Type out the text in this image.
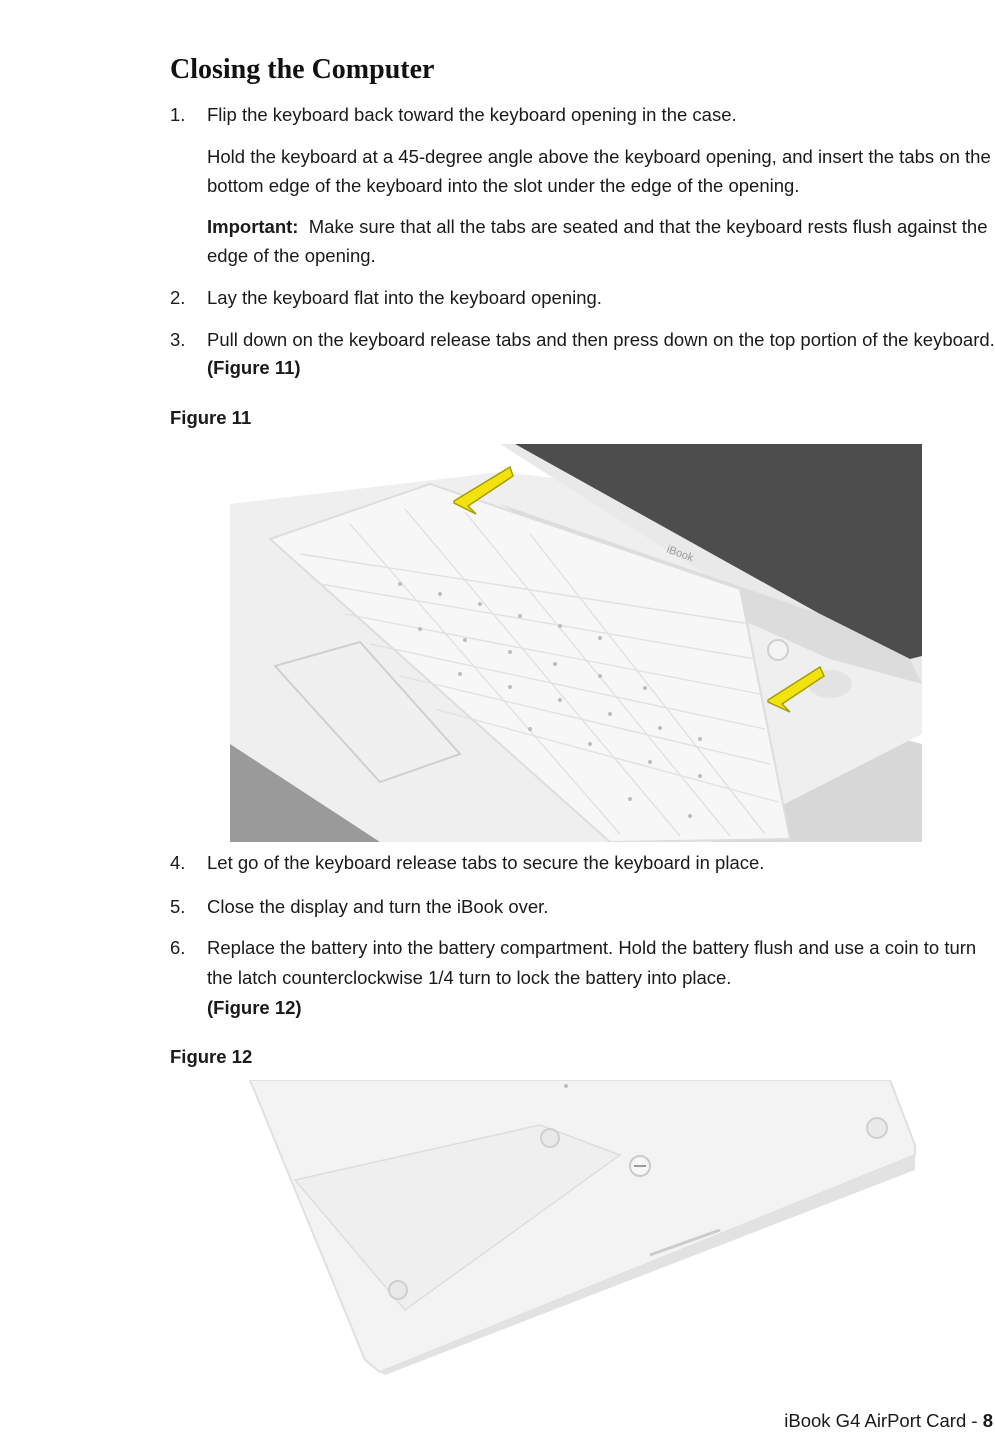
Closing the Computer
1.	Flip the keyboard back toward the keyboard opening in the case.
Hold the keyboard at a 45-degree angle above the keyboard opening, and insert the tabs on the bottom edge of the keyboard into the slot under the edge of the opening.
Important: Make sure that all the tabs are seated and that the keyboard rests flush against the edge of the opening.
2.	Lay the keyboard flat into the keyboard opening.
3.	Pull down on the keyboard release tabs and then press down on the top portion of the keyboard. (Figure 11)
Figure 11
iBook
4.	Let go of the keyboard release tabs to secure the keyboard in place.
5.	Close the display and turn the iBook over.
6.	Replace the battery into the battery compartment. Hold the battery flush and use a coin to turn the latch counterclockwise 1/4 turn to lock the battery into place.
(Figure 12)
Figure 12
iBook G4 AirPort Card - 8
